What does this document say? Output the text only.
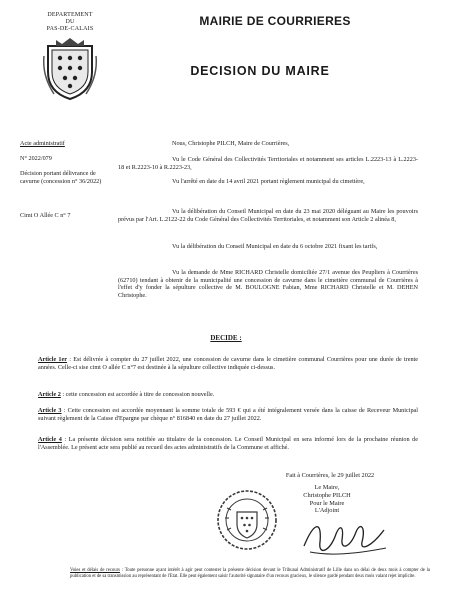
DEPARTEMENT
DU
PAS-DE-CALAIS
MAIRIE DE COURRIERES
DECISION DU MAIRE
Acte administratif
N° 2022/079
Décision portant délivrance de cavurne (concession n° 36/2022)
Cimt O Allée C n° 7
Nous, Christophe PILCH, Maire de Courrières,
Vu le Code Général des Collectivités Territoriales et notamment ses articles L.2223-13 à L.2223-18 et R.2223-10 à R.2223-23,
Vu l'arrêté en date du 14 avril 2021 portant règlement municipal du cimetière,
Vu la délibération du Conseil Municipal en date du 23 mai 2020 déléguant au Maire les pouvoirs prévus par l'Art. L.2122-22 du Code Général des Collectivités Territoriales, et notamment son Article 2 alinéa 8,
Vu la délibération du Conseil Municipal en date du 6 octobre 2021 fixant les tarifs,
Vu la demande de Mme RICHARD Christelle domiciliée 27/1 avenue des Peupliers à Courrières (62710) tendant à obtenir de la municipalité une concession de cavurne dans le cimetière communal de Courrières à l'effet d'y fonder la sépulture collective de M. BOULOGNE Fabian, Mme RICHARD Christelle et M. DEHEN Christophe.
DECIDE :
Article 1er : Est délivrée à compter du 27 juillet 2022, une concession de cavurne dans le cimetière communal Courrières pour une durée de trente années. Celle-ci sise cimt O allée C n°7 est destinée à la sépulture collective indiquée ci-dessus.
Article 2 : cette concession est accordée à titre de concession nouvelle.
Article 3 : Cette concession est accordée moyennant la somme totale de 593 € qui a été intégralement versée dans la caisse de Receveur Municipal suivant règlement de la Caisse d'Epargne par chèque n° 816840 en date du 27 juillet 2022.
Article 4 : La présente décision sera notifiée au titulaire de la concession. Le Conseil Municipal en sera informé lors de la prochaine réunion de l'Assemblée. Le présent acte sera publié au recueil des actes administratifs de la Commune et affiché.
Fait à Courrières, le 29 juillet 2022
Le Maire,
Christophe PILCH
Pour le Maire
L'Adjoint
Voies et délais de recours : Toute personne ayant intérêt à agir peut contester la présente décision devant le Tribunal Administratif de Lille dans un délai de deux mois à compter de la publication et de sa transmission au représentant de l'Etat. Elle peut également saisir l'autorité signataire d'un recours gracieux, le silence gardé pendant deux mois valant rejet implicite.
